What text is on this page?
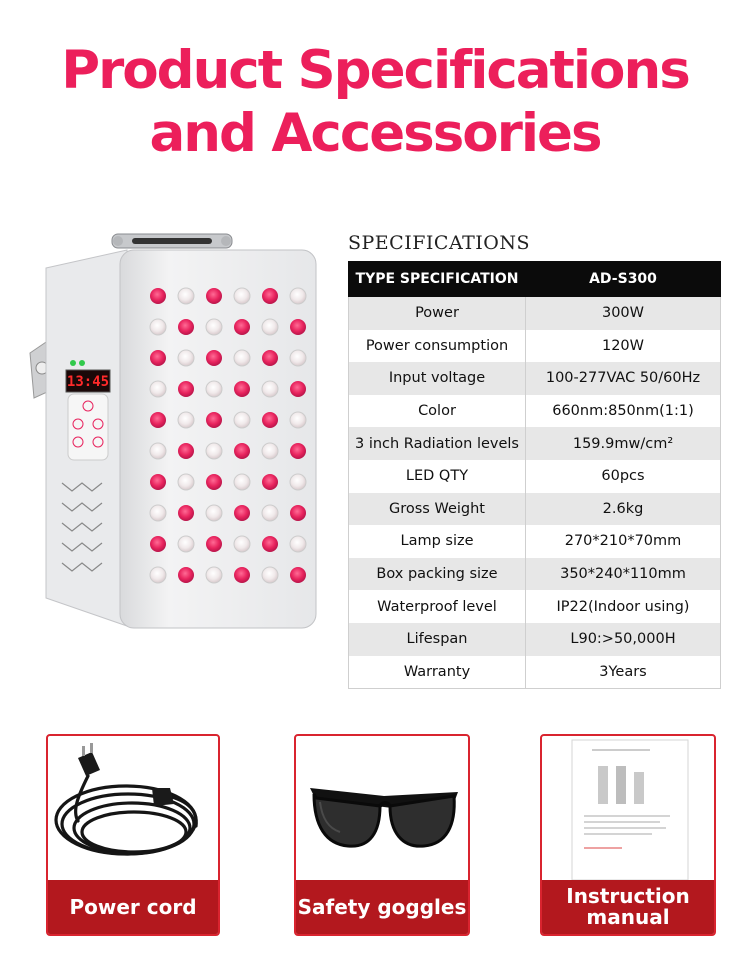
Product Specifications
and Accessories
13:45
SPECIFICATIONS
TYPE SPECIFICATION	AD-S300
Power	300W
Power consumption	120W
Input voltage	100-277VAC 50/60Hz
Color	660nm:850nm(1:1)
3 inch Radiation levels	159.9mw/cm²
LED QTY	60pcs
Gross Weight	2.6kg
Lamp size	270*210*70mm
Box packing size	350*240*110mm
Waterproof level	IP22(Indoor using)
Lifespan	L90:>50,000H
Warranty	3Years
Power cord	Safety goggles	Instruction manual
